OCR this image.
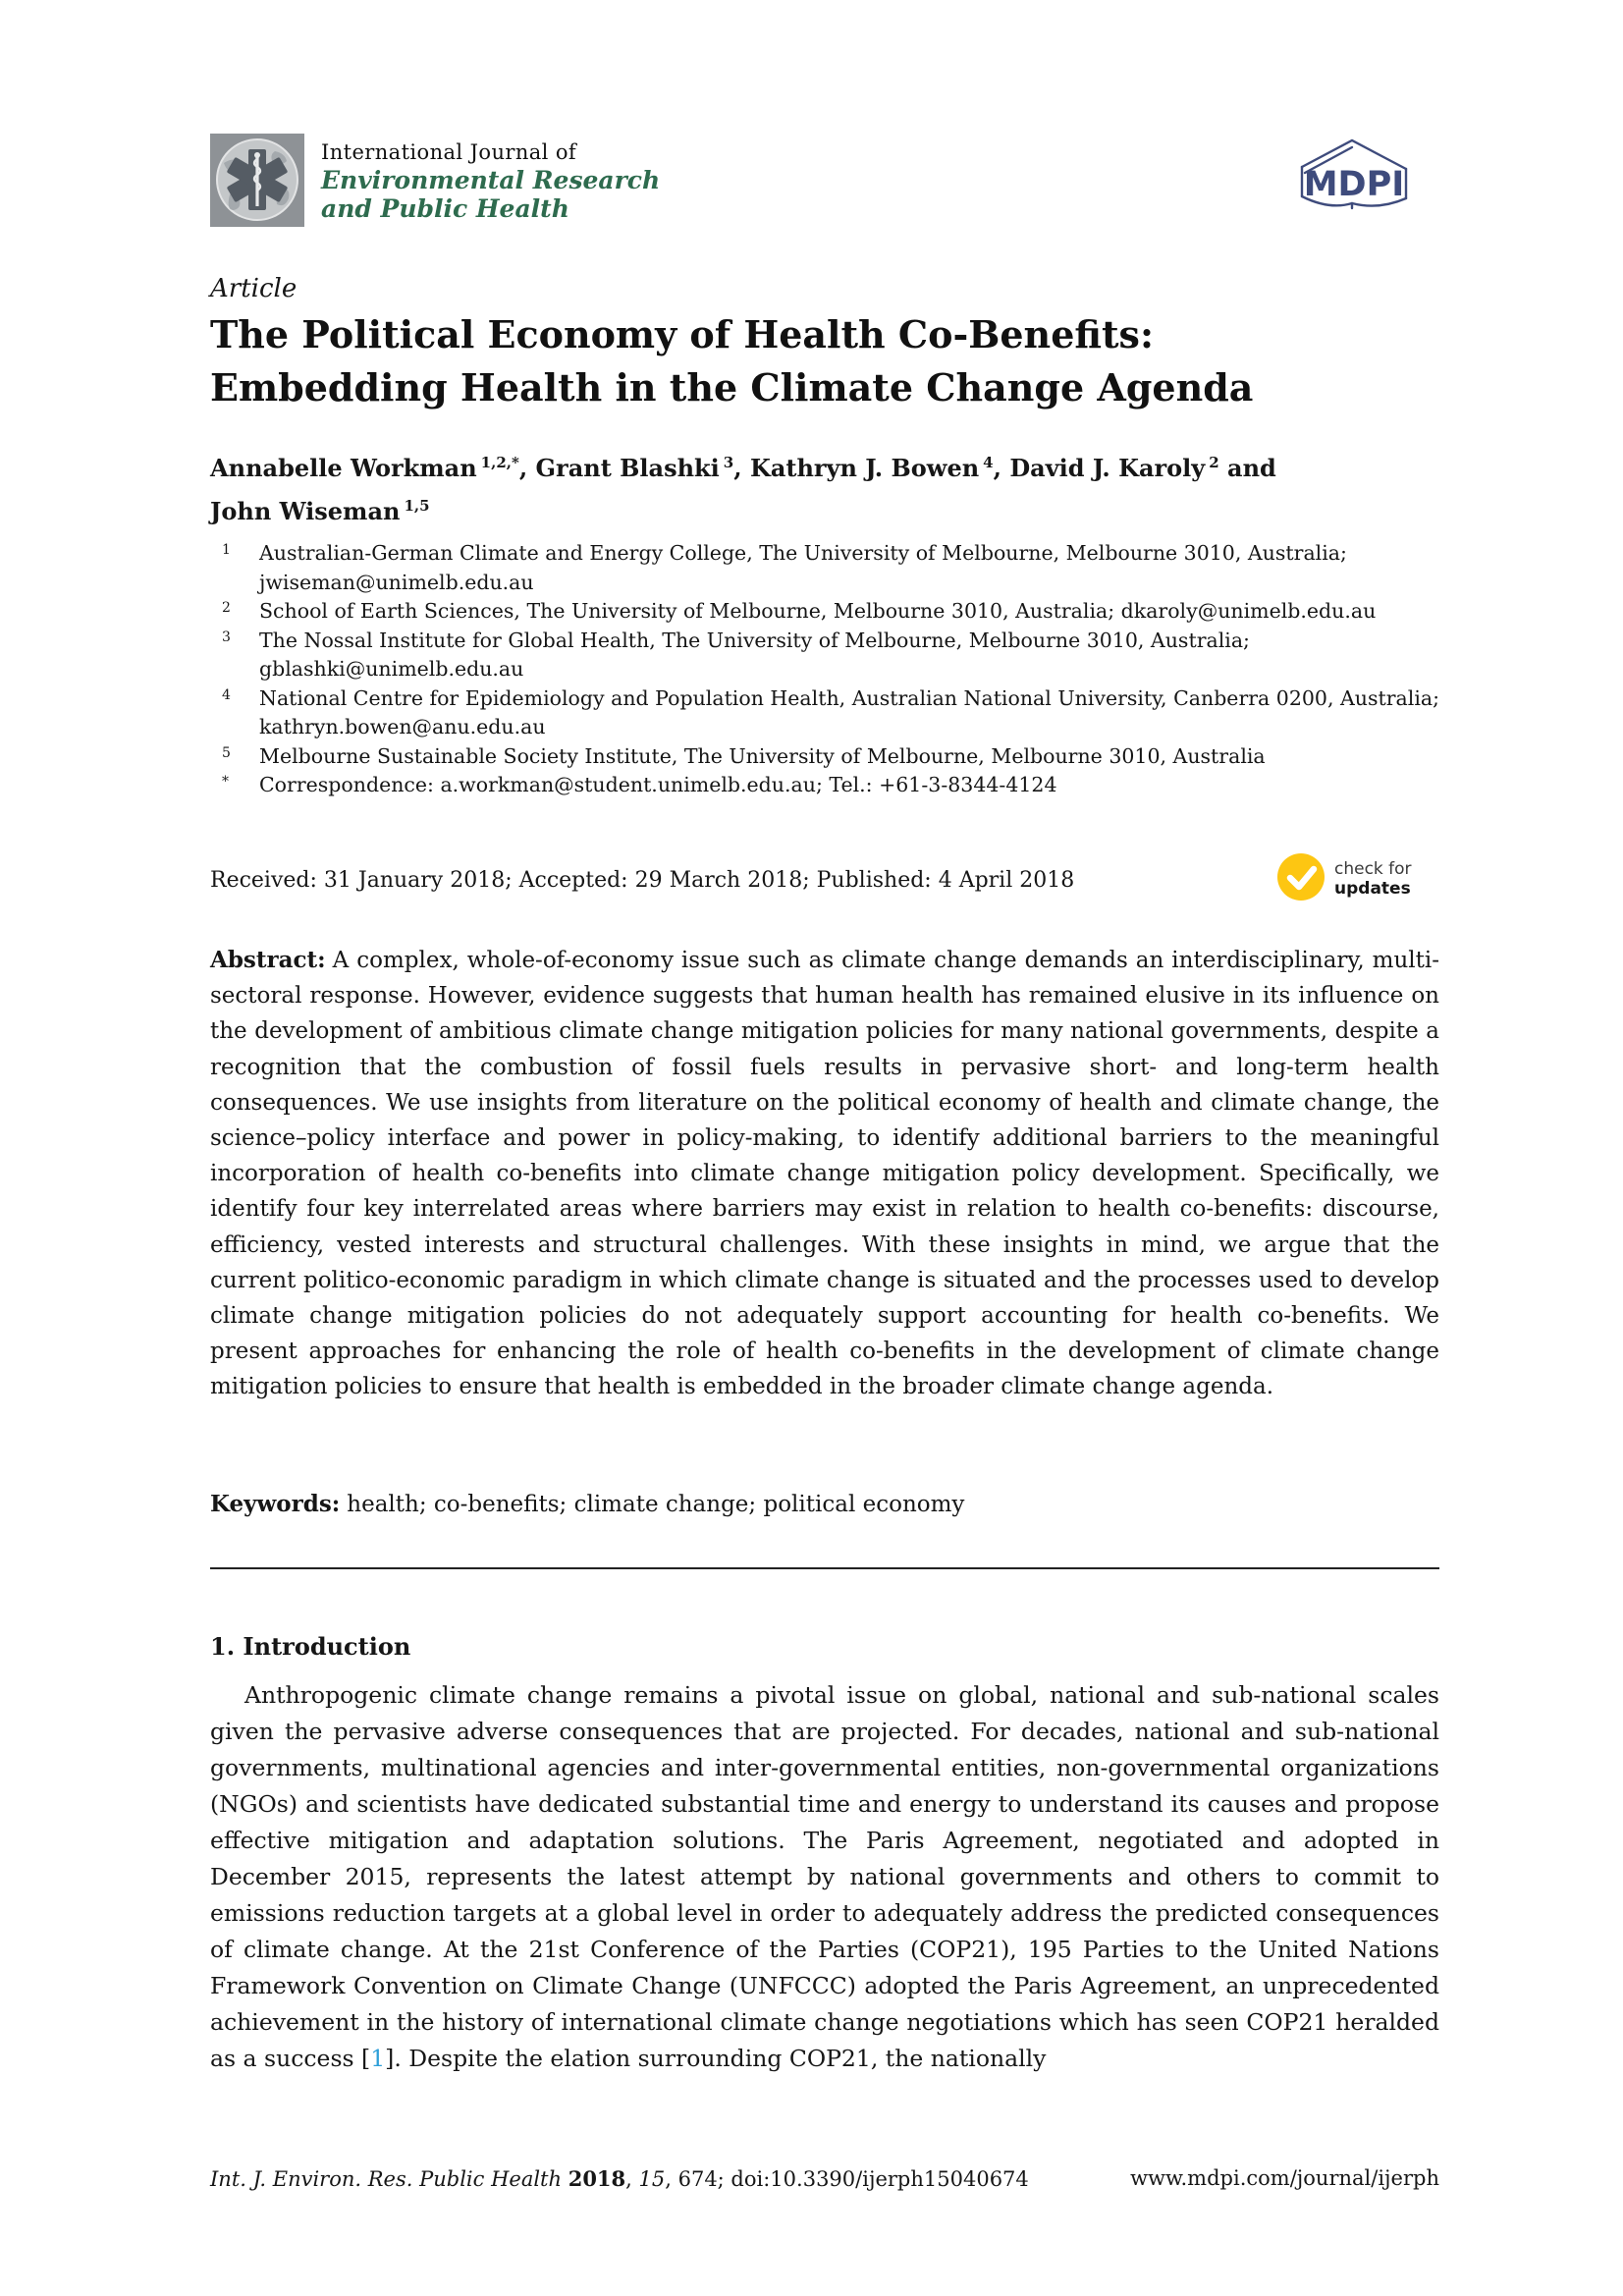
International Journal of
Environmental Research
and Public Health
MDPI
Article
The Political Economy of Health Co-Benefits:
Embedding Health in the Climate Change Agenda

Annabelle Workman $^{1,2,*}$, Grant Blashki $^3$, Kathryn J. Bowen $^4$, David J. Karoly $^2$ and
John Wiseman $^{1,5}$

1	Australian-German Climate and Energy College, The University of Melbourne, Melbourne 3010, Australia; jwiseman@unimelb.edu.au
2	School of Earth Sciences, The University of Melbourne, Melbourne 3010, Australia; dkaroly@unimelb.edu.au
3	The Nossal Institute for Global Health, The University of Melbourne, Melbourne 3010, Australia; gblashki@unimelb.edu.au
4	National Centre for Epidemiology and Population Health, Australian National University, Canberra 0200, Australia; kathryn.bowen@anu.edu.au
5	Melbourne Sustainable Society Institute, The University of Melbourne, Melbourne 3010, Australia
*	Correspondence: a.workman@student.unimelb.edu.au; Tel.: +61-3-8344-4124
Received: 31 January 2018; Accepted: 29 March 2018; Published: 4 April 2018	check for
updates

Abstract: A complex, whole-of-economy issue such as climate change demands an interdisciplinary, multi-sectoral response. However, evidence suggests that human health has remained elusive in its influence on the development of ambitious climate change mitigation policies for many national governments, despite a recognition that the combustion of fossil fuels results in pervasive short- and long-term health consequences. We use insights from literature on the political economy of health and climate change, the science–policy interface and power in policy-making, to identify additional barriers to the meaningful incorporation of health co-benefits into climate change mitigation policy development. Specifically, we identify four key interrelated areas where barriers may exist in relation to health co-benefits: discourse, efficiency, vested interests and structural challenges. With these insights in mind, we argue that the current politico-economic paradigm in which climate change is situated and the processes used to develop climate change mitigation policies do not adequately support accounting for health co-benefits. We present approaches for enhancing the role of health co-benefits in the development of climate change mitigation policies to ensure that health is embedded in the broader climate change agenda.

Keywords: health; co-benefits; climate change; political economy

1. Introduction

Anthropogenic climate change remains a pivotal issue on global, national and sub-national scales given the pervasive adverse consequences that are projected. For decades, national and sub-national governments, multinational agencies and inter-governmental entities, non-governmental organizations (NGOs) and scientists have dedicated substantial time and energy to understand its causes and propose effective mitigation and adaptation solutions. The Paris Agreement, negotiated and adopted in December 2015, represents the latest attempt by national governments and others to commit to emissions reduction targets at a global level in order to adequately address the predicted consequences of climate change. At the 21st Conference of the Parties (COP21), 195 Parties to the United Nations Framework Convention on Climate Change (UNFCCC) adopted the Paris Agreement, an unprecedented achievement in the history of international climate change negotiations which has seen COP21 heralded as a success [1]. Despite the elation surrounding COP21, the nationally

Int. J. Environ. Res. Public Health 2018, 15, 674; doi:10.3390/ijerph15040674	www.mdpi.com/journal/ijerph
